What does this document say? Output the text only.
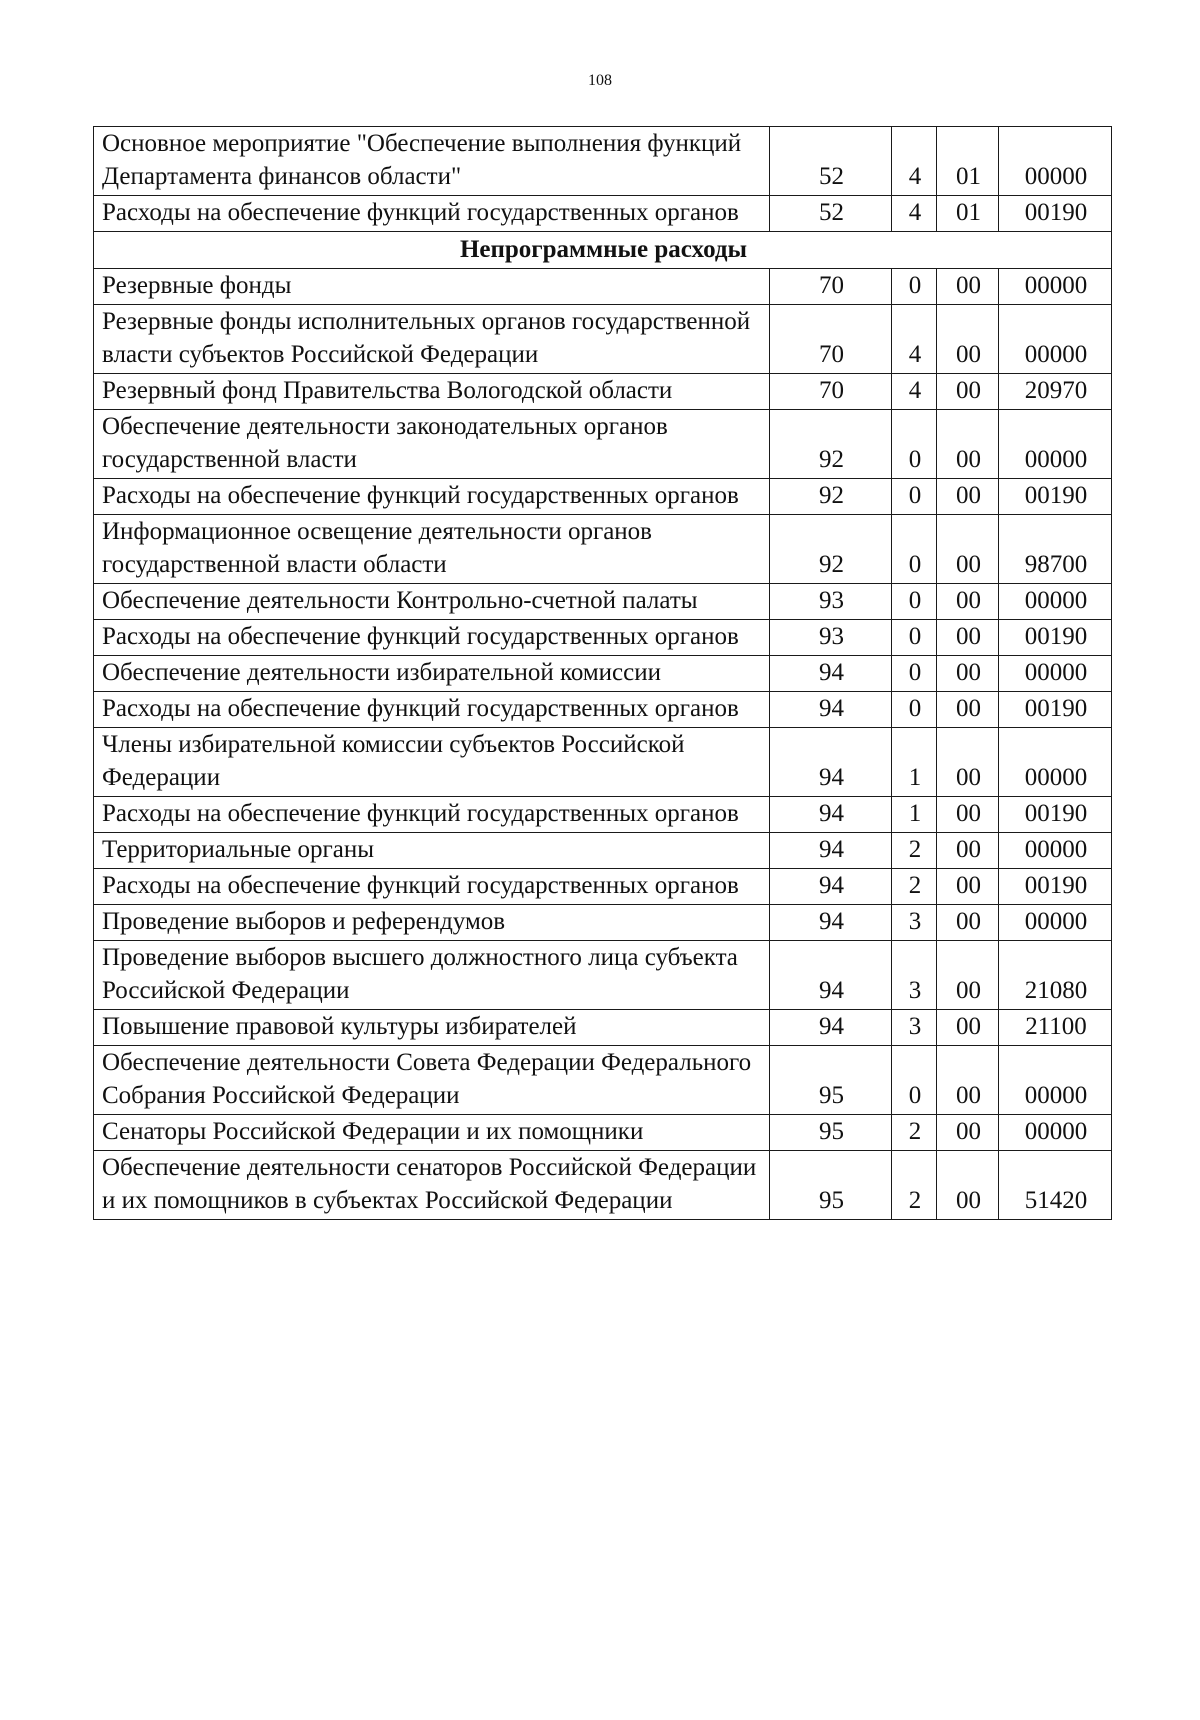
108
Основное мероприятие "Обеспечение выполнения функций Департамента финансов области"	52	4	01	00000
Расходы на обеспечение функций государственных органов	52	4	01	00190
Непрограммные расходы				
Резервные фонды	70	0	00	00000
Резервные фонды исполнительных органов государственной власти субъектов Российской Федерации	70	4	00	00000
Резервный фонд Правительства Вологодской области	70	4	00	20970
Обеспечение деятельности законодательных органов государственной власти	92	0	00	00000
Расходы на обеспечение функций государственных органов	92	0	00	00190
Информационное освещение деятельности органов государственной власти области	92	0	00	98700
Обеспечение деятельности Контрольно-счетной палаты	93	0	00	00000
Расходы на обеспечение функций государственных органов	93	0	00	00190
Обеспечение деятельности избирательной комиссии	94	0	00	00000
Расходы на обеспечение функций государственных органов	94	0	00	00190
Члены избирательной комиссии субъектов Российской Федерации	94	1	00	00000
Расходы на обеспечение функций государственных органов	94	1	00	00190
Территориальные органы	94	2	00	00000
Расходы на обеспечение функций государственных органов	94	2	00	00190
Проведение выборов и референдумов	94	3	00	00000
Проведение выборов высшего должностного лица субъекта Российской Федерации	94	3	00	21080
Повышение правовой культуры избирателей	94	3	00	21100
Обеспечение деятельности Совета Федерации Федерального Собрания Российской Федерации	95	0	00	00000
Сенаторы Российской Федерации и их помощники	95	2	00	00000
Обеспечение деятельности сенаторов Российской Федерации и их помощников в субъектах Российской Федерации	95	2	00	51420
